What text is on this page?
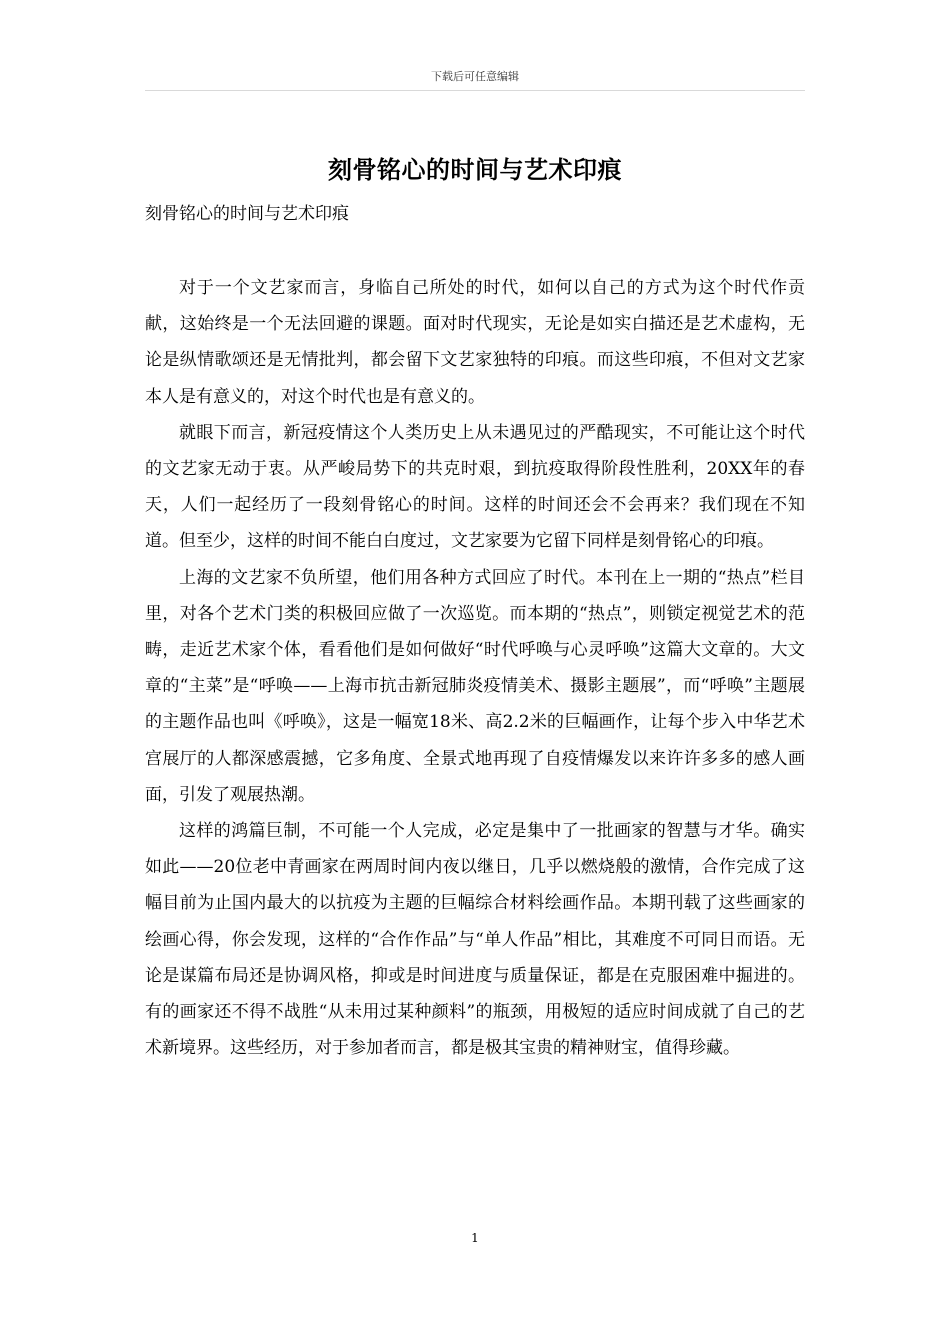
下载后可任意编辑
刻骨铭心的时间与艺术印痕
刻骨铭心的时间与艺术印痕

对于一个文艺家而言，身临自己所处的时代，如何以自己的方式为这个时代作贡献，这始终是一个无法回避的课题。面对时代现实，无论是如实白描还是艺术虚构，无论是纵情歌颂还是无情批判，都会留下文艺家独特的印痕。而这些印痕，不但对文艺家本人是有意义的，对这个时代也是有意义的。

就眼下而言，新冠疫情这个人类历史上从未遇见过的严酷现实，不可能让这个时代的文艺家无动于衷。从严峻局势下的共克时艰，到抗疫取得阶段性胜利，20XX年的春天，人们一起经历了一段刻骨铭心的时间。这样的时间还会不会再来？我们现在不知道。但至少，这样的时间不能白白度过，文艺家要为它留下同样是刻骨铭心的印痕。

上海的文艺家不负所望，他们用各种方式回应了时代。本刊在上一期的“热点”栏目里，对各个艺术门类的积极回应做了一次巡览。而本期的“热点”，则锁定视觉艺术的范畴，走近艺术家个体，看看他们是如何做好“时代呼唤与心灵呼唤”这篇大文章的。大文章的“主菜”是“呼唤——上海市抗击新冠肺炎疫情美术、摄影主题展”，而“呼唤”主题展的主题作品也叫《呼唤》，这是一幅宽18米、高2.2米的巨幅画作，让每个步入中华艺术宫展厅的人都深感震撼，它多角度、全景式地再现了自疫情爆发以来许许多多的感人画面，引发了观展热潮。

这样的鸿篇巨制，不可能一个人完成，必定是集中了一批画家的智慧与才华。确实如此——20位老中青画家在两周时间内夜以继日，几乎以燃烧般的激情，合作完成了这幅目前为止国内最大的以抗疫为主题的巨幅综合材料绘画作品。本期刊载了这些画家的绘画心得，你会发现，这样的“合作作品”与“单人作品”相比，其难度不可同日而语。无论是谋篇布局还是协调风格，抑或是时间进度与质量保证，都是在克服困难中掘进的。有的画家还不得不战胜“从未用过某种颜料”的瓶颈，用极短的适应时间成就了自己的艺术新境界。这些经历，对于参加者而言，都是极其宝贵的精神财宝，值得珍藏。

1
